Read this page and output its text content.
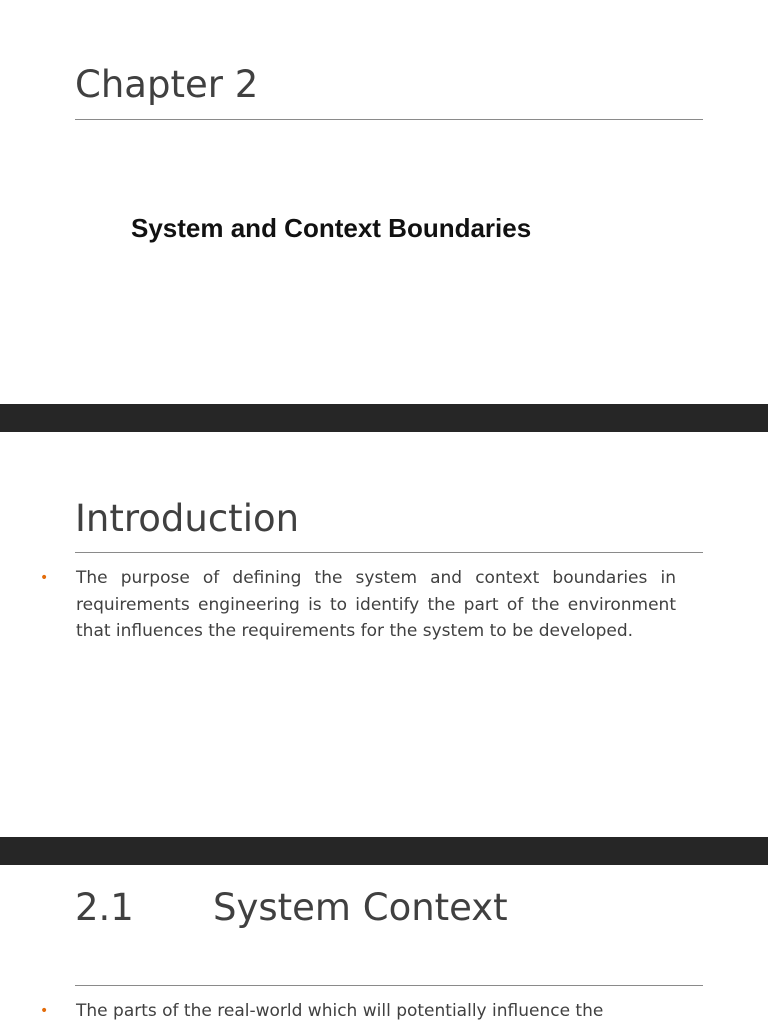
Chapter 2
System and Context Boundaries
Introduction
• The purpose of defining the system and context boundaries in requirements engineering is to identify the part of the environment that influences the requirements for the system to be developed.

2.1 System Context
• The parts of the real-world which will potentially influence the
